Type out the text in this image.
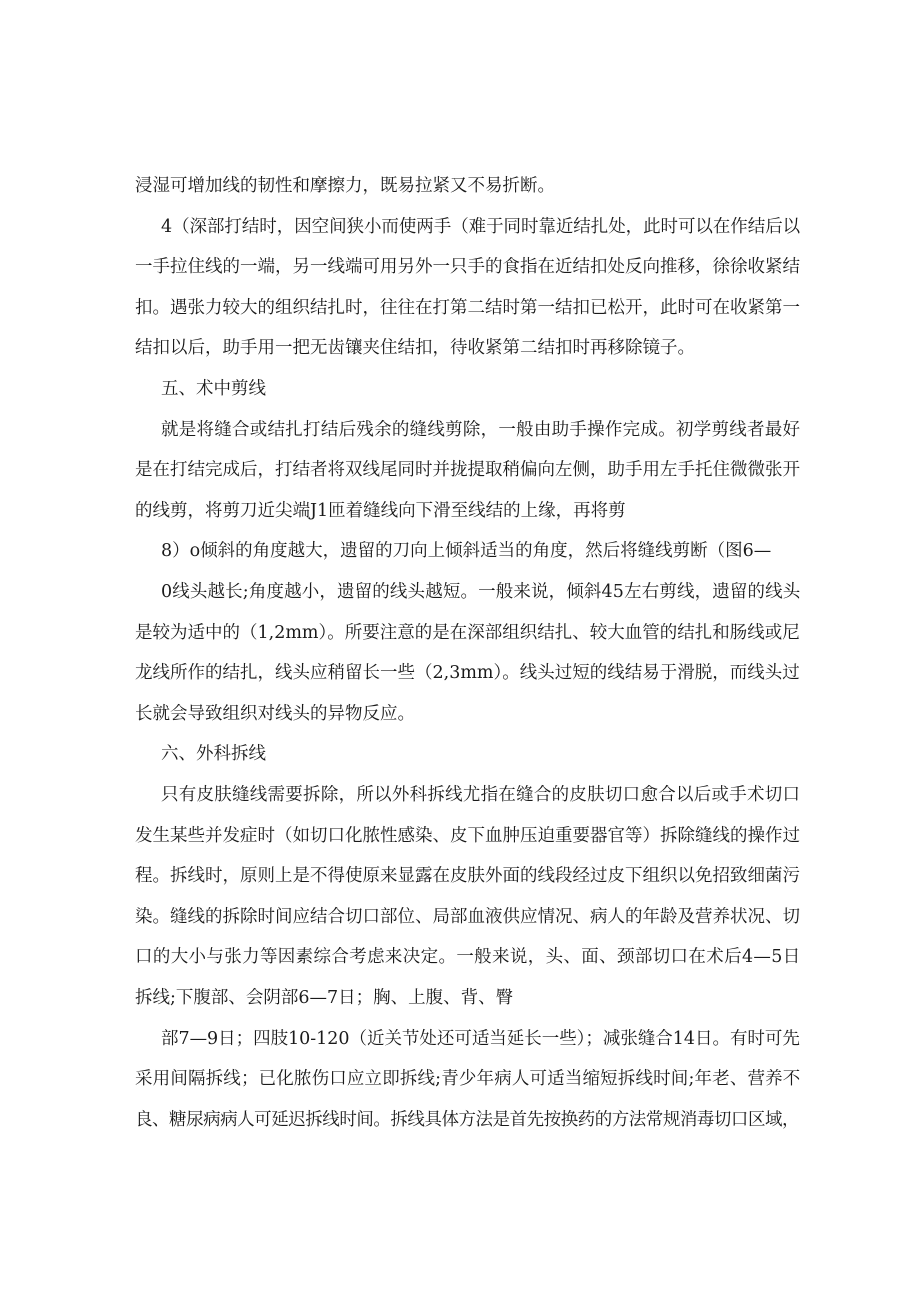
浸湿可增加线的韧性和摩擦力，既易拉紧又不易折断。
4（深部打结时，因空间狭小而使两手（难于同时靠近结扎处，此时可以在作结后以
一手拉住线的一端，另一线端可用另外一只手的食指在近结扣处反向推移，徐徐收紧结
扣。遇张力较大的组织结扎时，往往在打第二结时第一结扣已松开，此时可在收紧第一
结扣以后，助手用一把无齿镶夹住结扣，待收紧第二结扣时再移除镜子。
五、术中剪线
就是将缝合或结扎打结后残余的缝线剪除，一般由助手操作完成。初学剪线者最好
是在打结完成后，打结者将双线尾同时并拢提取稍偏向左侧，助手用左手托住微微张开
的线剪，将剪刀近尖端J1匝着缝线向下滑至线结的上缘，再将剪
8）o倾斜的角度越大，遗留的刀向上倾斜适当的角度，然后将缝线剪断（图6—
0线头越长;角度越小，遗留的线头越短。一般来说，倾斜45左右剪线，遗留的线头
是较为适中的（1,2mm）。所要注意的是在深部组织结扎、较大血管的结扎和肠线或尼
龙线所作的结扎，线头应稍留长一些（2,3mm）。线头过短的线结易于滑脱，而线头过
长就会导致组织对线头的异物反应。
六、外科拆线
只有皮肤缝线需要拆除，所以外科拆线尤指在缝合的皮肤切口愈合以后或手术切口
发生某些并发症时（如切口化脓性感染、皮下血肿压迫重要器官等）拆除缝线的操作过
程。拆线时，原则上是不得使原来显露在皮肤外面的线段经过皮下组织以免招致细菌污
染。缝线的拆除时间应结合切口部位、局部血液供应情况、病人的年龄及营养状况、切
口的大小与张力等因素综合考虑来决定。一般来说，头、面、颈部切口在术后4—5日
拆线;下腹部、会阴部6—7日；胸、上腹、背、臀
部7—9日；四肢10-120（近关节处还可适当延长一些）；减张缝合14日。有时可先
采用间隔拆线；已化脓伤口应立即拆线;青少年病人可适当缩短拆线时间;年老、营养不
良、糖尿病病人可延迟拆线时间。拆线具体方法是首先按换药的方法常规消毒切口区域，
